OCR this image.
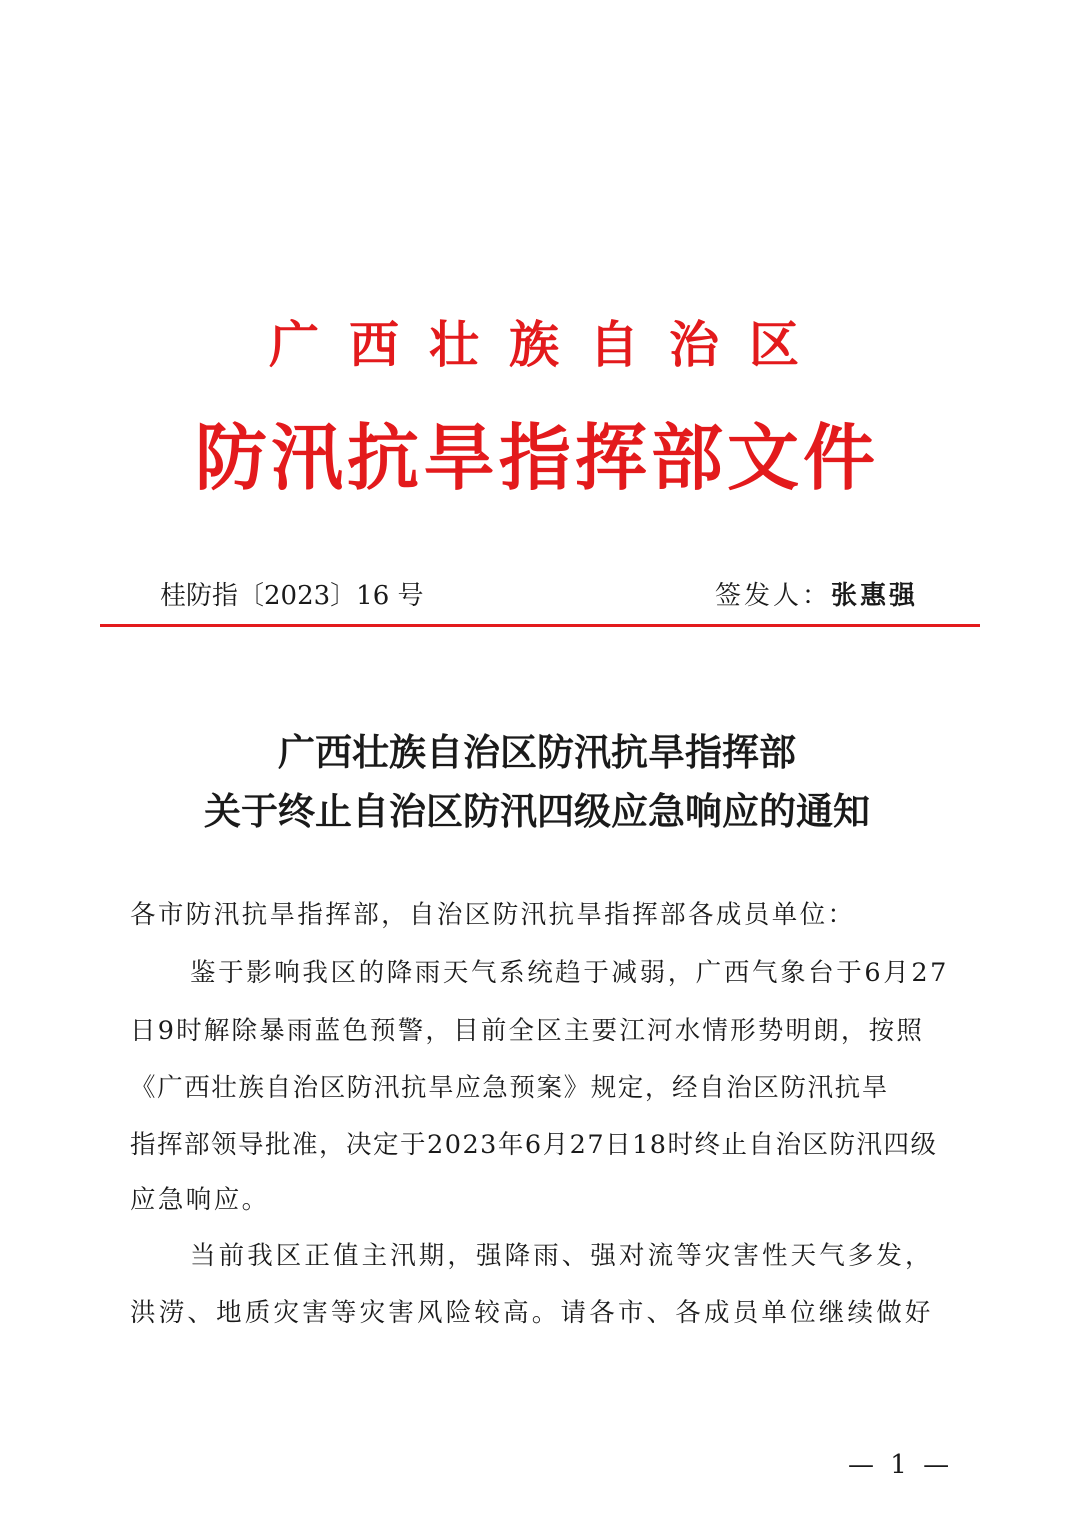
广西壮族自治区
防汛抗旱指挥部文件
桂防指〔2023〕16 号	签发人：张惠强
广西壮族自治区防汛抗旱指挥部
关于终止自治区防汛四级应急响应的通知
各市防汛抗旱指挥部，自治区防汛抗旱指挥部各成员单位：
鉴于影响我区的降雨天气系统趋于减弱，广西气象台于6月27
日9时解除暴雨蓝色预警，目前全区主要江河水情形势明朗，按照
《广西壮族自治区防汛抗旱应急预案》规定，经自治区防汛抗旱
指挥部领导批准，决定于2023年6月27日18时终止自治区防汛四级
应急响应。
当前我区正值主汛期，强降雨、强对流等灾害性天气多发，
洪涝、地质灾害等灾害风险较高。请各市、各成员单位继续做好
— 1 —
